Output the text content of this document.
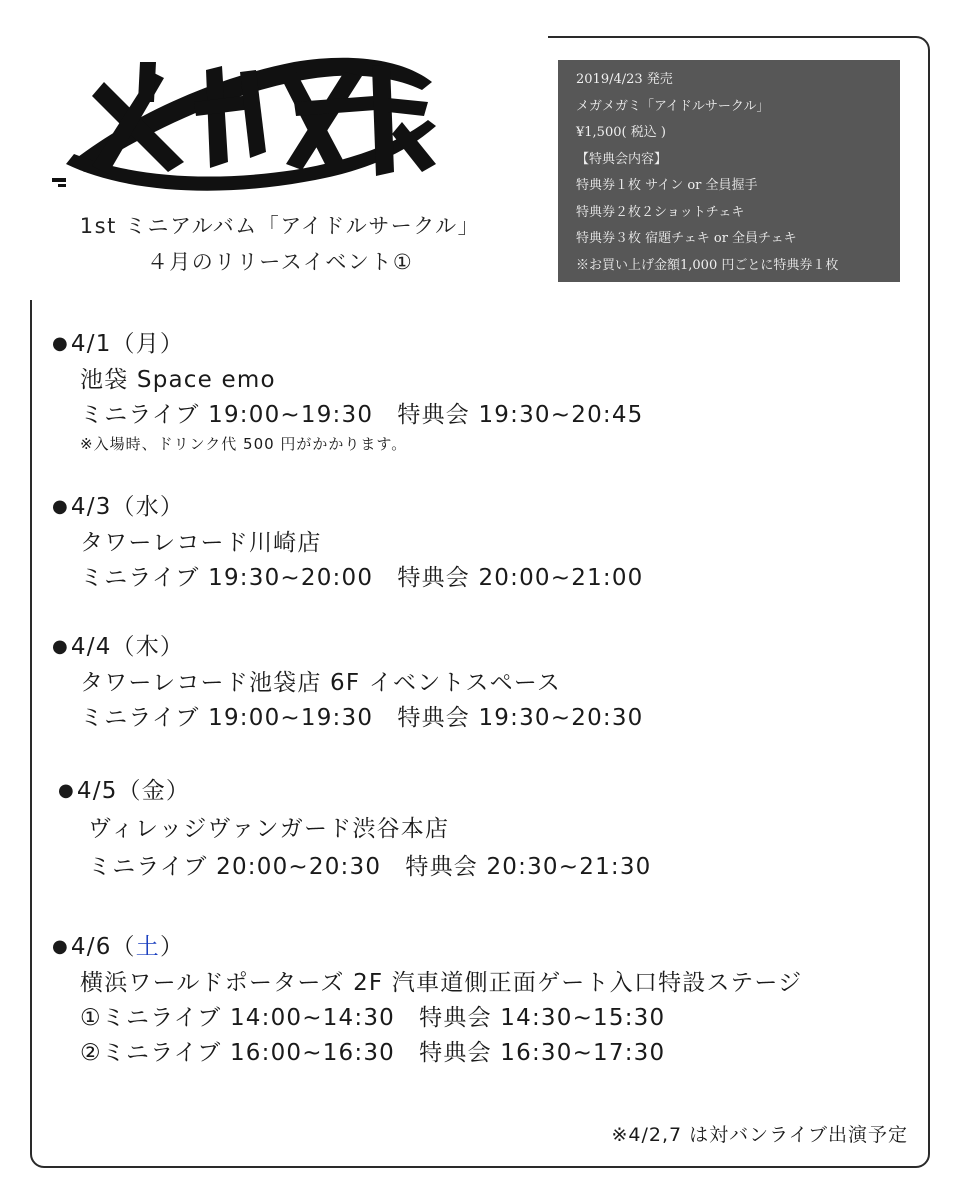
1st ミニアルバム「アイドルサークル」
４月のリリースイベント①
2019/4/23 発売
メガメガミ「アイドルサークル」
¥1,500( 税込 )
【特典会内容】
特典券１枚 サイン or 全員握手
特典券２枚２ショットチェキ
特典券３枚 宿題チェキ or 全員チェキ
※お買い上げ金額1,000 円ごとに特典券１枚
●4/1（月）
池袋 Space emo
ミニライブ 19:00~19:30　特典会 19:30~20:45
※入場時、ドリンク代 500 円がかかります。
●4/3（水）
タワーレコード川崎店
ミニライブ 19:30~20:00　特典会 20:00~21:00
●4/4（木）
タワーレコード池袋店 6F イベントスペース
ミニライブ 19:00~19:30　特典会 19:30~20:30
●4/5（金）
ヴィレッジヴァンガード渋谷本店
ミニライブ 20:00~20:30　特典会 20:30~21:30
●4/6（土）
横浜ワールドポーターズ 2F 汽車道側正面ゲート入口特設ステージ
①ミニライブ 14:00~14:30　特典会 14:30~15:30
②ミニライブ 16:00~16:30　特典会 16:30~17:30
※4/2,7 は対バンライブ出演予定
